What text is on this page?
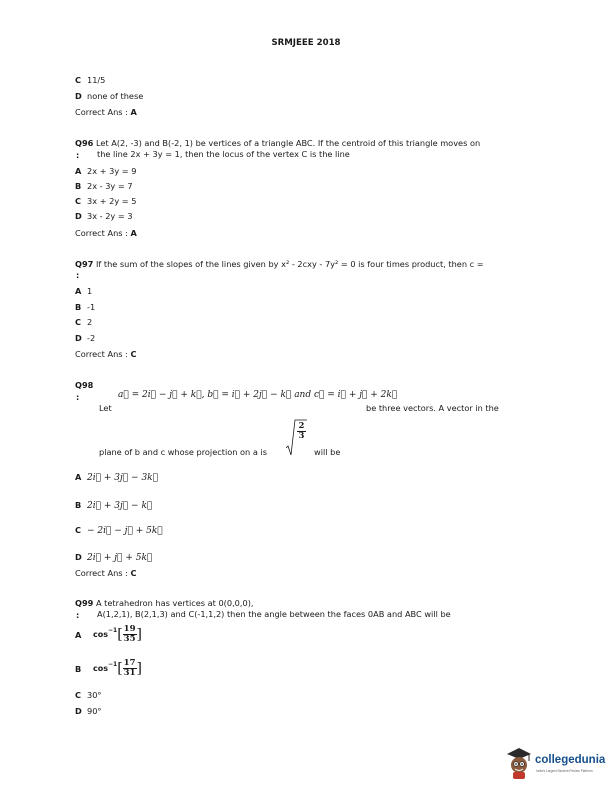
SRMJEEE 2018
C 11/5
D none of these
Correct Ans : A
Q96 Let A(2, -3) and B(-2, 1) be vertices of a triangle ABC. If the centroid of this triangle moves on
: the line 2x + 3y = 1, then the locus of the vertex C is the line
A 2x + 3y = 9
B 2x - 3y = 7
C 3x + 2y = 5
D 3x - 2y = 3
Correct Ans : A
Q97 If the sum of the slopes of the lines given by x² - 2cxy - 7y² = 0 is four times product, then c =
:
A 1
B -1
C 2
D -2
Correct Ans : C
Q98
:	a⃗ = 2i⃗ − j⃗ + k⃗, b⃗ = i⃗ + 2j⃗ − k⃗ and c⃗ = i⃗ + j⃗ + 2k⃗
Let	be three vectors. A vector in the
plane of b and c whose projection on a is
$\frac{2}{3}$
will be
A 2i⃗ + 3j⃗ − 3k⃗
B 2i⃗ + 3j⃗ − k⃗
C − 2i⃗ − j⃗ + 5k⃗
D 2i⃗ + j⃗ + 5k⃗
Correct Ans : C
Q99 A tetrahedron has vertices at 0(0,0,0),
: A(1,2,1), B(2,1,3) and C(-1,1,2) then the angle between the faces 0AB and ABC will be
A $\cos^{-1}[ \frac{19}{35}$ ]
B $\cos^{-1}[ \frac{17}{31}$ ]
C 30°
D 90°
collegedunia
India's Largest Student Review Platform
